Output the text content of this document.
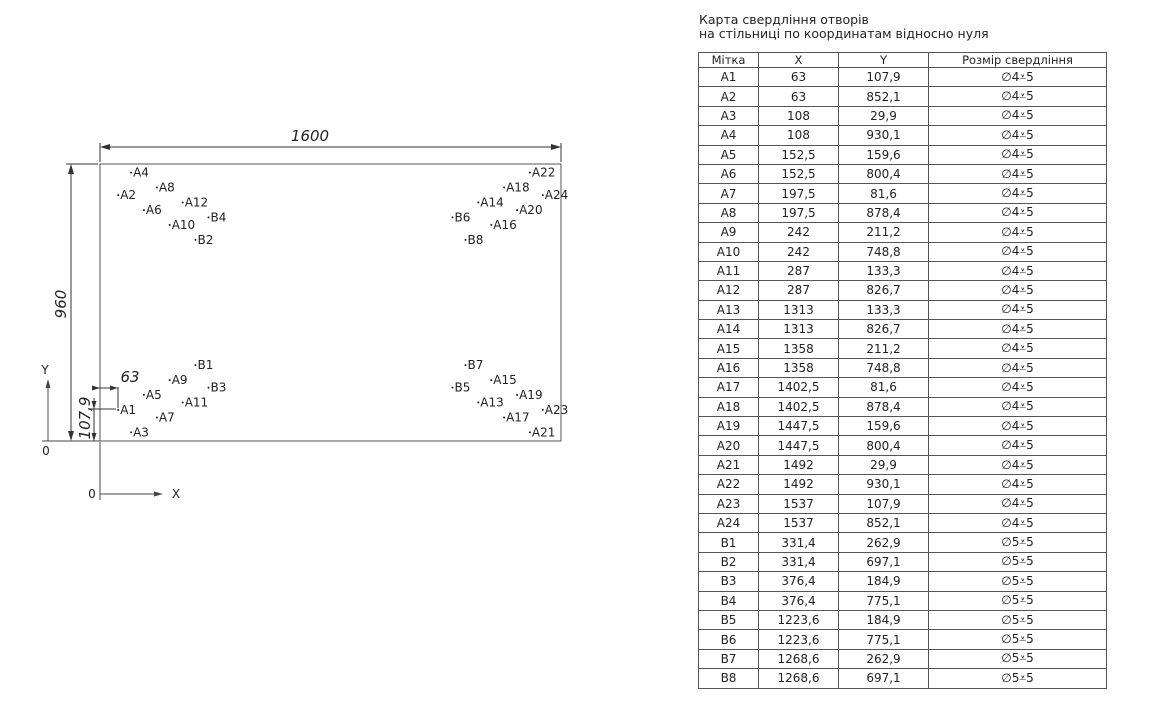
1600
960
63
107,9
Y
0
0	X
A1
A2
A3
A4
A5
A6
A7
A8
A9
A10
A11
A12
A13
A14
A15
A16
A17
A18
A19
A20
A21
A22
A23
A24
B1
B2
B3
B4
B5
B6
B7
B8
Карта свердління отворів
на стільниці по координатам відносно нуля
Мітка	X	Y	Розмір свердління
A1	63	107,9	∅4⩡5
A2	63	852,1	∅4⩡5
A3	108	29,9	∅4⩡5
A4	108	930,1	∅4⩡5
A5	152,5	159,6	∅4⩡5
A6	152,5	800,4	∅4⩡5
A7	197,5	81,6	∅4⩡5
A8	197,5	878,4	∅4⩡5
A9	242	211,2	∅4⩡5
A10	242	748,8	∅4⩡5
A11	287	133,3	∅4⩡5
A12	287	826,7	∅4⩡5
A13	1313	133,3	∅4⩡5
A14	1313	826,7	∅4⩡5
A15	1358	211,2	∅4⩡5
A16	1358	748,8	∅4⩡5
A17	1402,5	81,6	∅4⩡5
A18	1402,5	878,4	∅4⩡5
A19	1447,5	159,6	∅4⩡5
A20	1447,5	800,4	∅4⩡5
A21	1492	29,9	∅4⩡5
A22	1492	930,1	∅4⩡5
A23	1537	107,9	∅4⩡5
A24	1537	852,1	∅4⩡5
B1	331,4	262,9	∅5⩡5
B2	331,4	697,1	∅5⩡5
B3	376,4	184,9	∅5⩡5
B4	376,4	775,1	∅5⩡5
B5	1223,6	184,9	∅5⩡5
B6	1223,6	775,1	∅5⩡5
B7	1268,6	262,9	∅5⩡5
B8	1268,6	697,1	∅5⩡5
